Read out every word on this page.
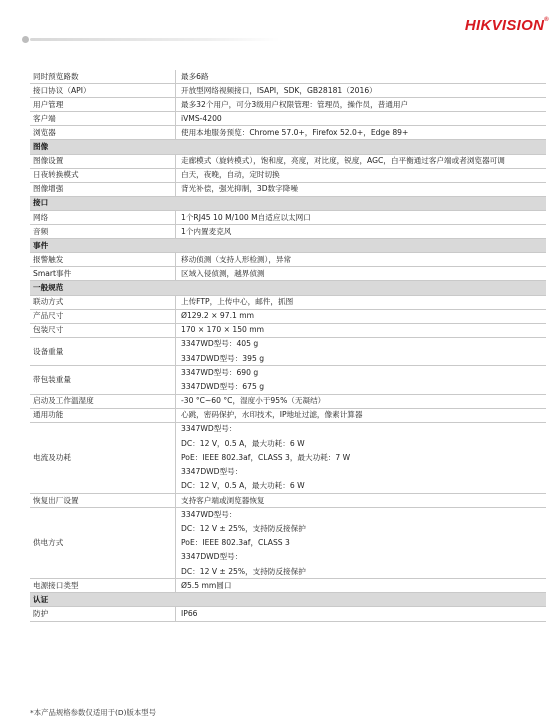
HIKVISION®
同时预览路数	最多6路
接口协议（API）	开放型网络视频接口，ISAPI，SDK，GB28181（2016）
用户管理	最多32个用户，可分3级用户权限管理：管理员，操作员，普通用户
客户端	iVMS-4200
浏览器	使用本地服务预览：Chrome 57.0+，Firefox 52.0+，Edge 89+
图像	
图像设置	走廊模式（旋转模式），饱和度，亮度，对比度，锐度，AGC，白平衡通过客户端或者浏览器可调
日夜转换模式	白天，夜晚，自动，定时切换
图像增强	背光补偿，强光抑制，3D数字降噪
接口	
网络	1个RJ45 10 M/100 M自适应以太网口
音频	1个内置麦克风
事件	
报警触发	移动侦测（支持人形检测），异常
Smart事件	区域入侵侦测，越界侦测
一般规范	
联动方式	上传FTP，上传中心，邮件，抓图
产品尺寸	Ø129.2 × 97.1 mm
包装尺寸	170 × 170 × 150 mm
设备重量	3347WD型号：405 g
3347DWD型号：395 g

带包装重量	3347WD型号：690 g
3347DWD型号：675 g

启动及工作温湿度	-30 °C~60 °C，湿度小于95%（无凝结）
通用功能	心跳，密码保护，水印技术，IP地址过滤，像素计算器
电流及功耗	3347WD型号：
DC：12 V，0.5 A，最大功耗：6 W
PoE：IEEE 802.3af，CLASS 3，最大功耗：7 W
3347DWD型号：
DC：12 V，0.5 A，最大功耗：6 W

恢复出厂设置	支持客户端或浏览器恢复
供电方式	3347WD型号：
DC：12 V ± 25%，支持防反接保护
PoE：IEEE 802.3af，CLASS 3
3347DWD型号：
DC：12 V ± 25%，支持防反接保护

电源接口类型	Ø5.5 mm圆口
认证	
防护	IP66
*本产品规格参数仅适用于(D)版本型号
